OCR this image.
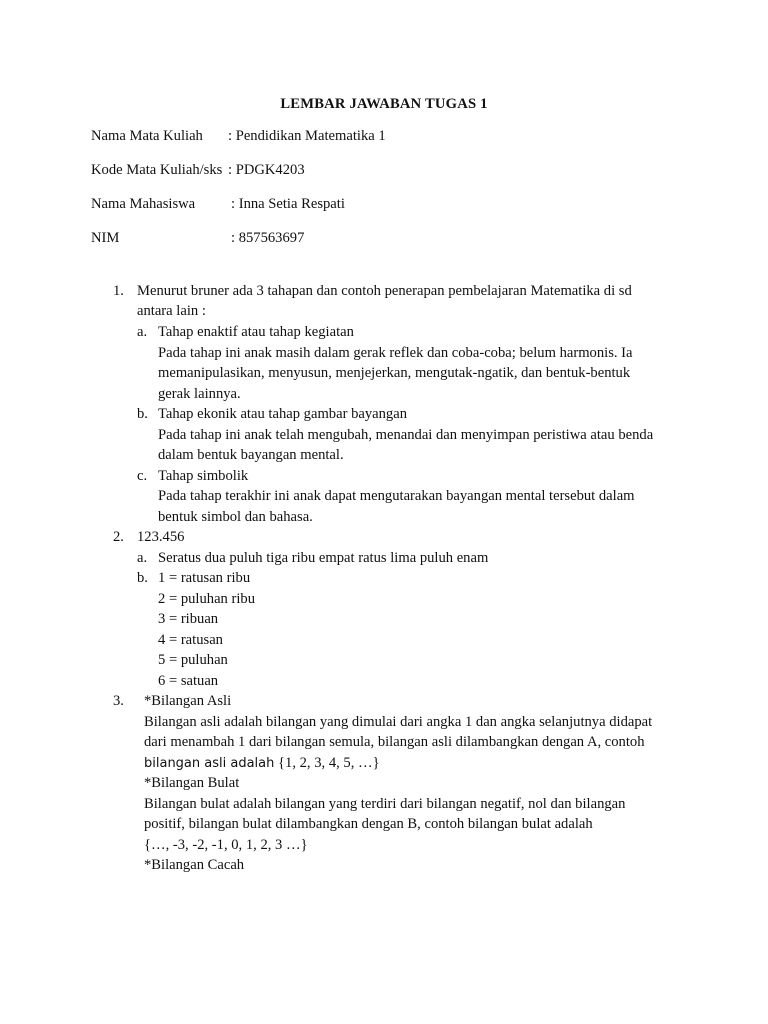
LEMBAR JAWABAN TUGAS 1
Nama Mata Kuliah : Pendidikan Matematika 1
Kode Mata Kuliah/sks : PDGK4203
Nama Mahasiswa : Inna Setia Respati
NIM	: 857563697
1. Menurut bruner ada 3 tahapan dan contoh penerapan pembelajaran Matematika di sd
antara lain :
a. Tahap enaktif atau tahap kegiatan
Pada tahap ini anak masih dalam gerak reflek dan coba-coba; belum harmonis. Ia
memanipulasikan, menyusun, menjejerkan, mengutak-ngatik, dan bentuk-bentuk
gerak lainnya.
b. Tahap ekonik atau tahap gambar bayangan
Pada tahap ini anak telah mengubah, menandai dan menyimpan peristiwa atau benda
dalam bentuk bayangan mental.
c. Tahap simbolik
Pada tahap terakhir ini anak dapat mengutarakan bayangan mental tersebut dalam
bentuk simbol dan bahasa.
2. 123.456
a. Seratus dua puluh tiga ribu empat ratus lima puluh enam
b. 1 = ratusan ribu
2 = puluhan ribu
3 = ribuan
4 = ratusan
5 = puluhan
6 = satuan
3. *Bilangan Asli
Bilangan asli adalah bilangan yang dimulai dari angka 1 dan angka selanjutnya didapat
dari menambah 1 dari bilangan semula, bilangan asli dilambangkan dengan A, contoh
bilangan asli adalah {1, 2, 3, 4, 5, …}
*Bilangan Bulat
Bilangan bulat adalah bilangan yang terdiri dari bilangan negatif, nol dan bilangan
positif, bilangan bulat dilambangkan dengan B, contoh bilangan bulat adalah
{…, -3, -2, -1, 0, 1, 2, 3 …}
*Bilangan Cacah
